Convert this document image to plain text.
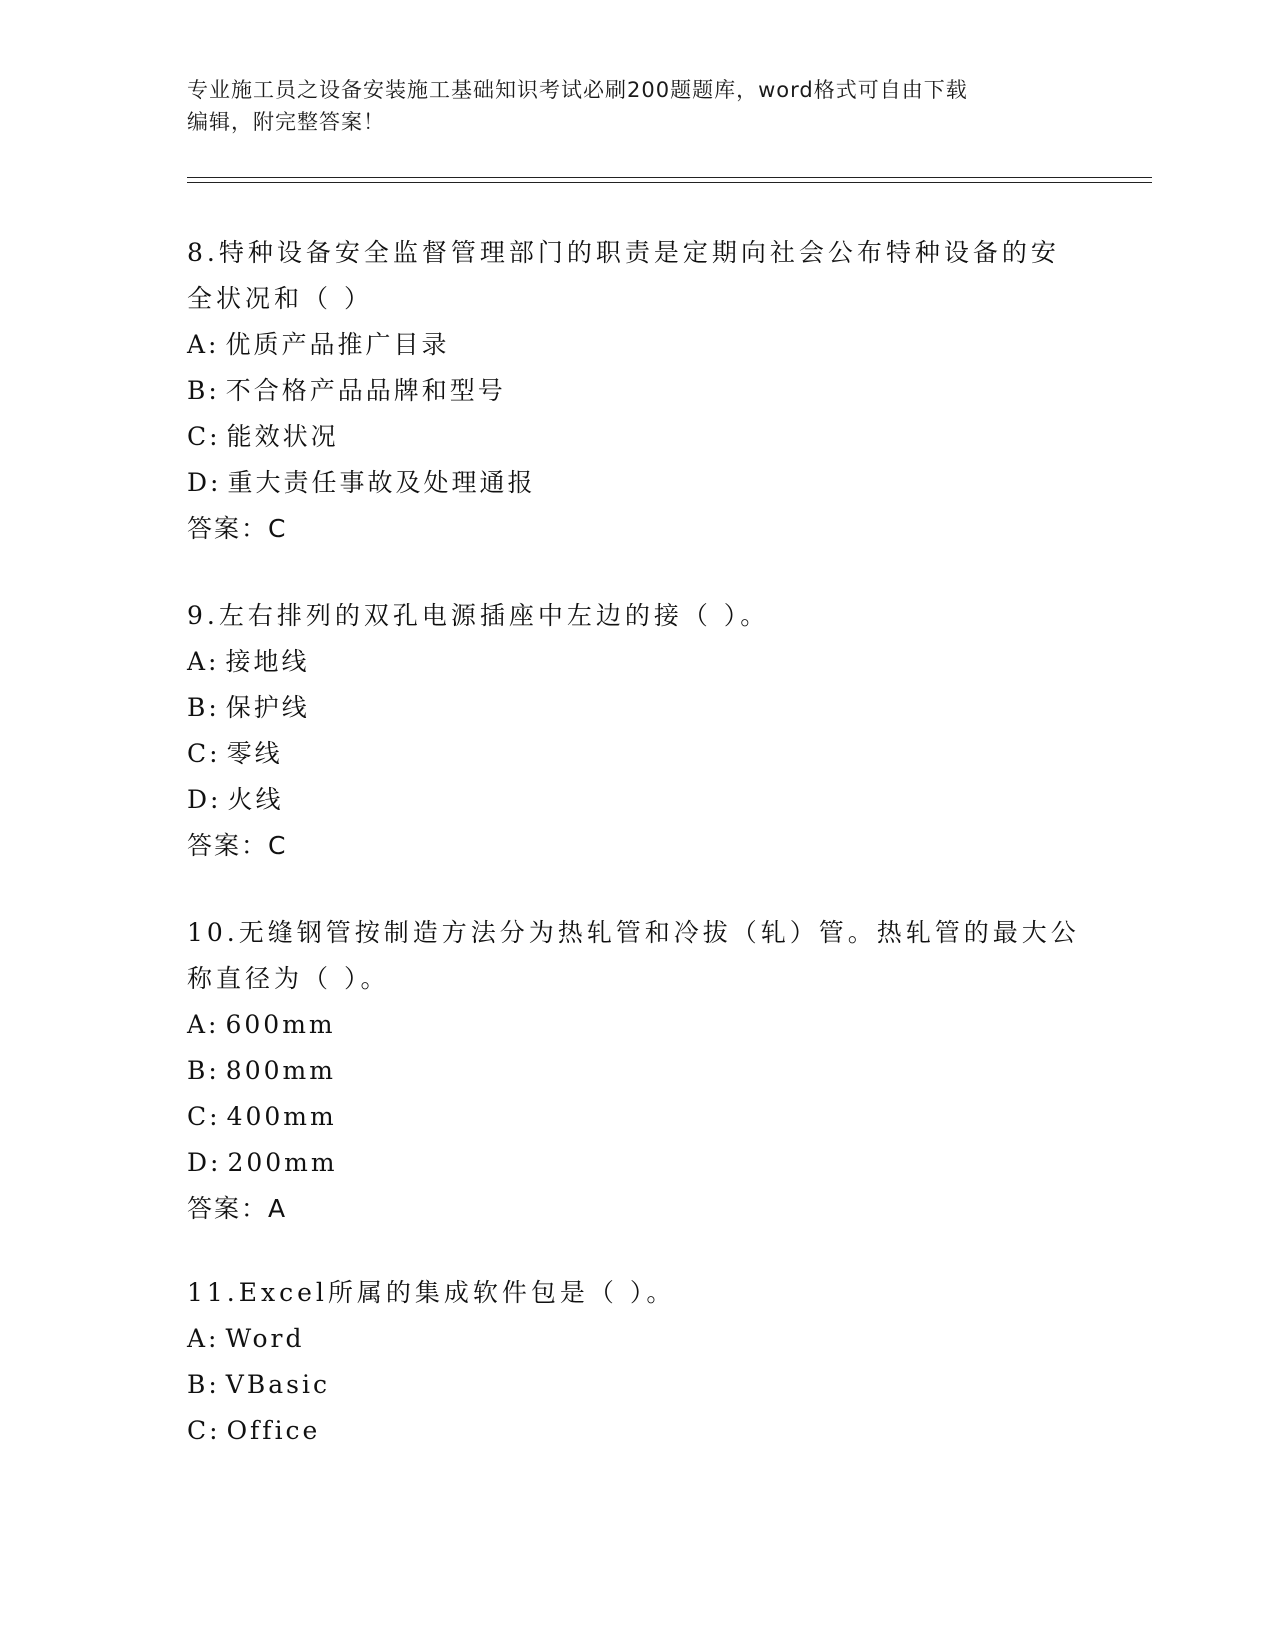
专业施工员之设备安装施工基础知识考试必刷200题题库，word格式可自由下载
编辑，附完整答案！
8.特种设备安全监督管理部门的职责是定期向社会公布特种设备的安
全状况和（ ）
A: 优质产品推广目录
B: 不合格产品品牌和型号
C: 能效状况
D: 重大责任事故及处理通报
答案：C
9.左右排列的双孔电源插座中左边的接（ ）。
A: 接地线
B: 保护线
C: 零线
D: 火线
答案：C
10.无缝钢管按制造方法分为热轧管和冷拔（轧）管。热轧管的最大公
称直径为（ ）。
A: 600mm
B: 800mm
C: 400mm
D: 200mm
答案：A
11.Excel所属的集成软件包是（ ）。
A: Word
B: VBasic
C: Office
